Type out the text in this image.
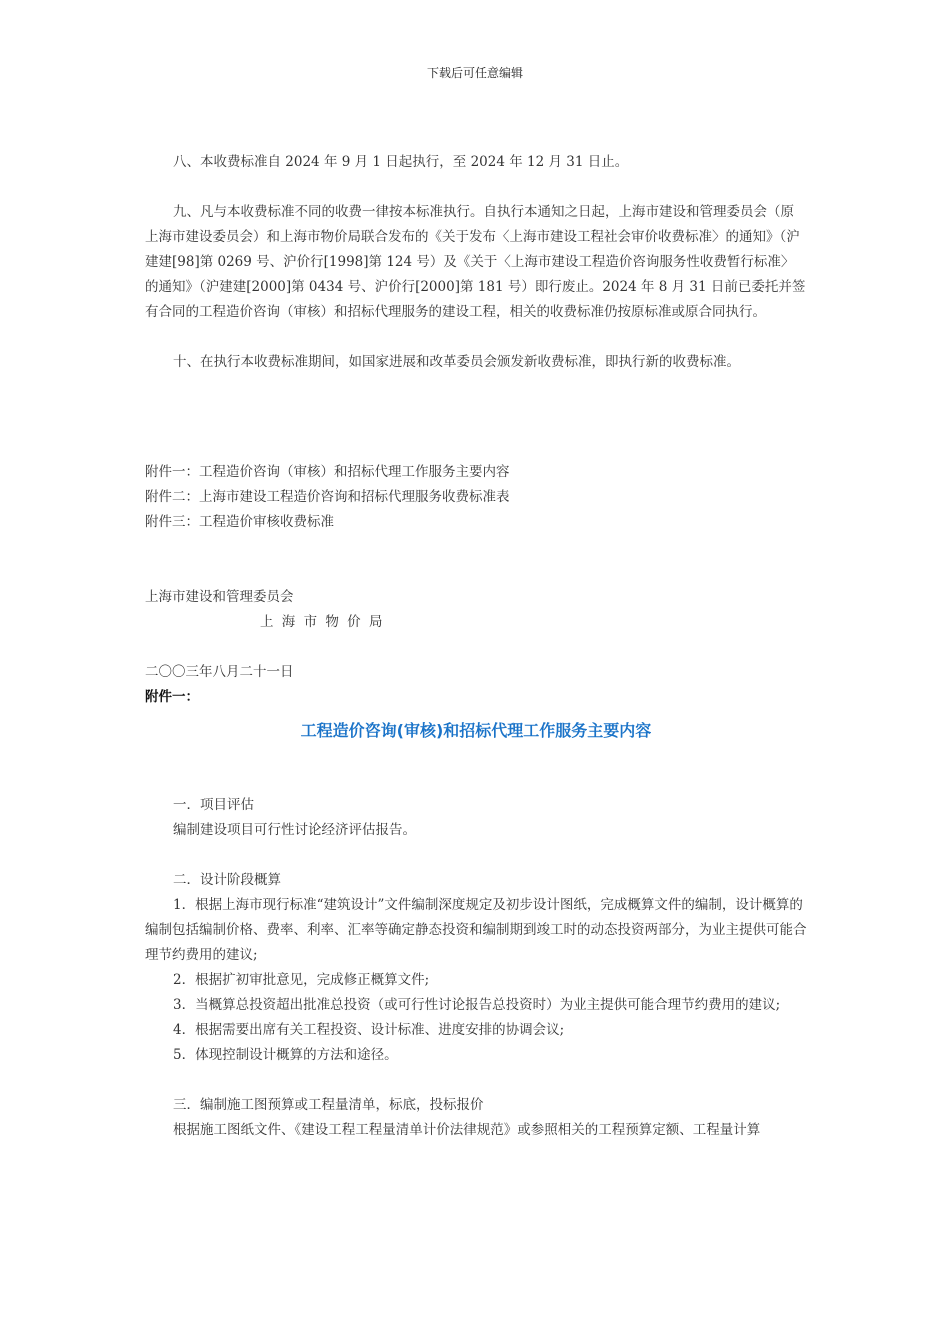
下载后可任意编辑

八、本收费标准自 2024 年 9 月 1 日起执行，至 2024 年 12 月 31 日止。

九、凡与本收费标准不同的收费一律按本标准执行。自执行本通知之日起，上海市建设和管理委员会（原上海市建设委员会）和上海市物价局联合发布的《关于发布〈上海市建设工程社会审价收费标准〉的通知》（沪建建[98]第 0269 号、沪价行[1998]第 124 号）及《关于〈上海市建设工程造价咨询服务性收费暂行标准〉的通知》（沪建建[2000]第 0434 号、沪价行[2000]第 181 号）即行废止。2024 年 8 月 31 日前已委托并签有合同的工程造价咨询（审核）和招标代理服务的建设工程，相关的收费标准仍按原标准或原合同执行。

十、在执行本收费标准期间，如国家进展和改革委员会颁发新收费标准，即执行新的收费标准。

附件一：工程造价咨询（审核）和招标代理工作服务主要内容

附件二：上海市建设工程造价咨询和招标代理服务收费标准表

附件三：工程造价审核收费标准

上海市建设和管理委员会

上 海 市 物 价 局

二〇〇三年八月二十一日

附件一：

工程造价咨询(审核)和招标代理工作服务主要内容

一．项目评估

编制建设项目可行性讨论经济评估报告。

二．设计阶段概算

1．根据上海市现行标准“建筑设计”文件编制深度规定及初步设计图纸，完成概算文件的编制，设计概算的编制包括编制价格、费率、利率、汇率等确定静态投资和编制期到竣工时的动态投资两部分，为业主提供可能合理节约费用的建议;

2．根据扩初审批意见，完成修正概算文件;

3．当概算总投资超出批准总投资（或可行性讨论报告总投资时）为业主提供可能合理节约费用的建议;

4．根据需要出席有关工程投资、设计标准、进度安排的协调会议;

5．体现控制设计概算的方法和途径。

三．编制施工图预算或工程量清单，标底，投标报价

根据施工图纸文件、《建设工程工程量清单计价法律规范》或参照相关的工程预算定额、工程量计算
